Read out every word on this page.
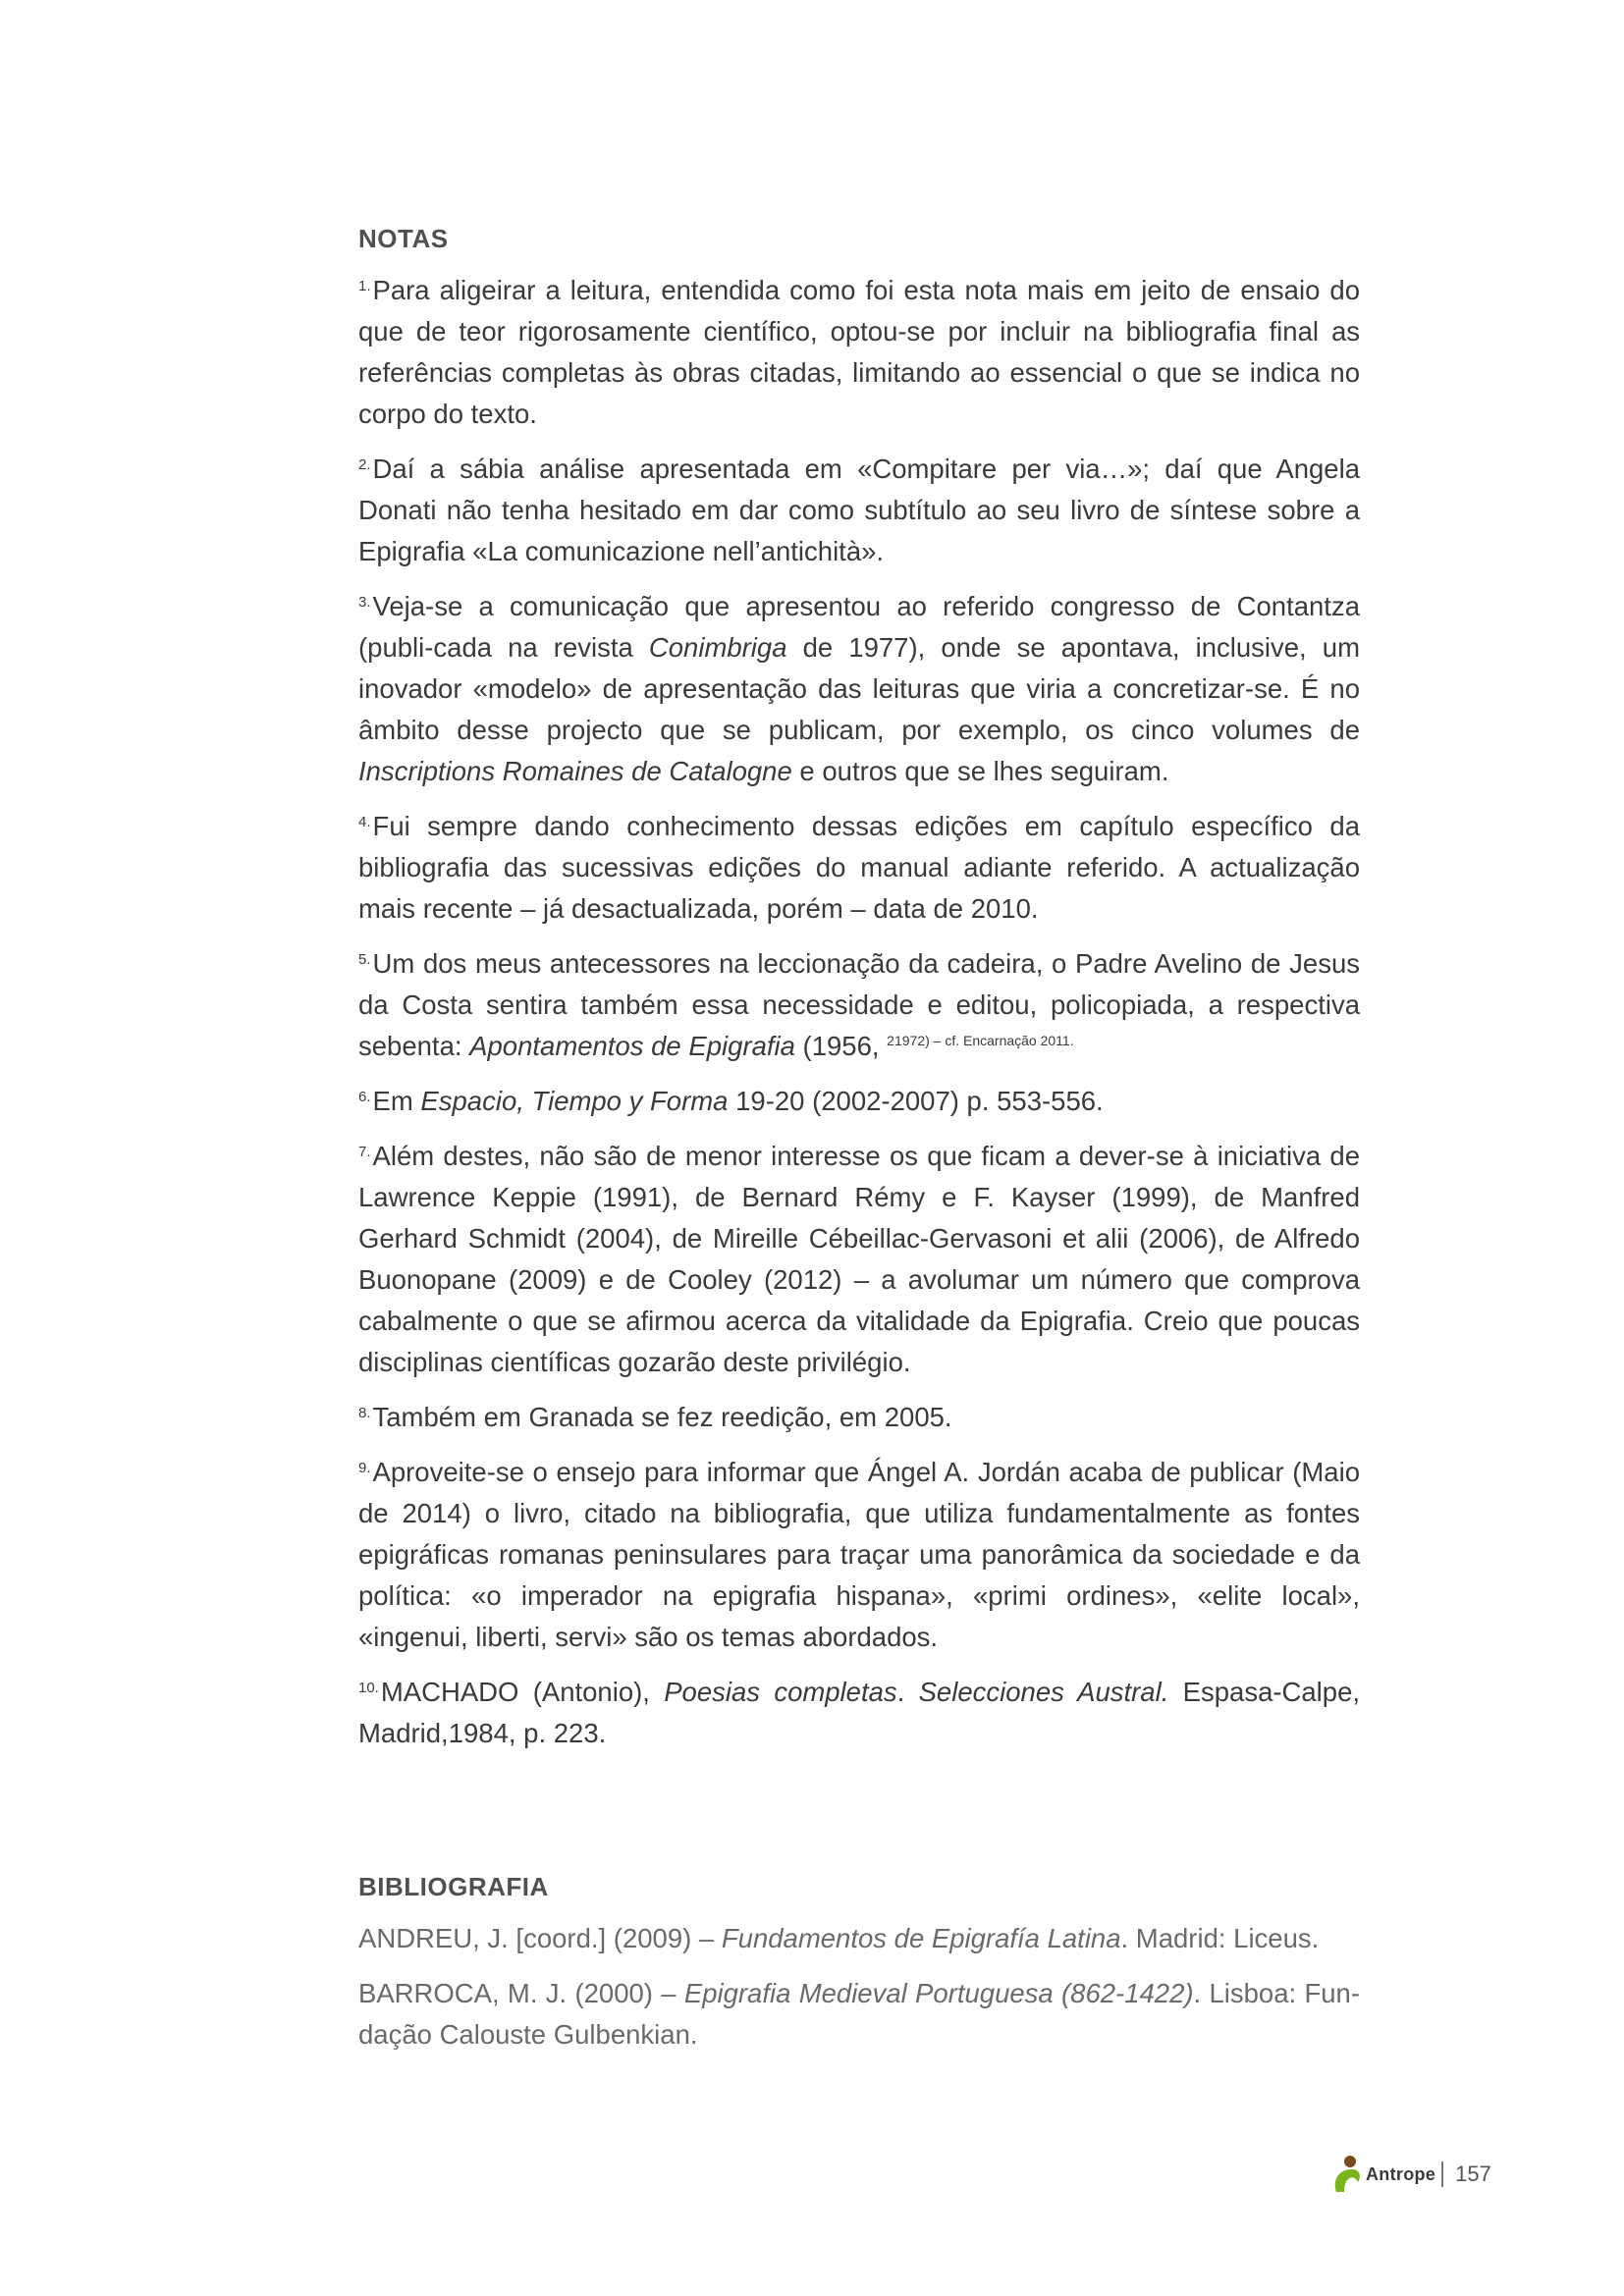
NOTAS

$^{1.}$Para aligeirar a leitura, entendida como foi esta nota mais em jeito de ensaio do que de teor rigorosamente científico, optou-se por incluir na bibliografia final as referências completas às obras citadas, limitando ao essencial o que se indica no corpo do texto.

$^{2.}$Daí a sábia análise apresentada em «Compitare per via…»; daí que Angela Donati não tenha hesitado em dar como subtítulo ao seu livro de síntese sobre a Epigrafia «La comunicazione nell’antichità».

$^{3.}$Veja-se a comunicação que apresentou ao referido congresso de Contantza (publi-cada na revista Conimbriga de 1977), onde se apontava, inclusive, um inovador «modelo» de apresentação das leituras que viria a concretizar-se. É no âmbito desse projecto que se publicam, por exemplo, os cinco volumes de Inscriptions Romaines de Catalogne e outros que se lhes seguiram.

$^{4.}$Fui sempre dando conhecimento dessas edições em capítulo específico da bibliografia das sucessivas edições do manual adiante referido. A actualização mais recente – já desactualizada, porém – data de 2010.

$^{5.}$Um dos meus antecessores na leccionação da cadeira, o Padre Avelino de Jesus da Costa sentira também essa necessidade e editou, policopiada, a respectiva sebenta: Apontamentos de Epigrafia (1956, $^{21972) - cf. Encarnação 2011.}$

$^{6.}$Em Espacio, Tiempo y Forma 19-20 (2002-2007) p. 553-556.

$^{7.}$Além destes, não são de menor interesse os que ficam a dever-se à iniciativa de Lawrence Keppie (1991), de Bernard Rémy e F. Kayser (1999), de Manfred Gerhard Schmidt (2004), de Mireille Cébeillac-Gervasoni et alii (2006), de Alfredo Buonopane (2009) e de Cooley (2012) – a avolumar um número que comprova cabalmente o que se afirmou acerca da vitalidade da Epigrafia. Creio que poucas disciplinas científicas gozarão deste privilégio.

$^{8.}$Também em Granada se fez reedição, em 2005.

$^{9.}$Aproveite-se o ensejo para informar que Ángel A. Jordán acaba de publicar (Maio de 2014) o livro, citado na bibliografia, que utiliza fundamentalmente as fontes epigráficas romanas peninsulares para traçar uma panorâmica da sociedade e da política: «o imperador na epigrafia hispana», «primi ordines», «elite local», «ingenui, liberti, servi» são os temas abordados.

$^{10.}$MACHADO (Antonio), Poesias completas. Selecciones Austral. Espasa-Calpe, Madrid,1984, p. 223.

BIBLIOGRAFIA

ANDREU, J. [coord.] (2009) – Fundamentos de Epigrafía Latina. Madrid: Liceus.

BARROCA, M. J. (2000) – Epigrafia Medieval Portuguesa (862-1422). Lisboa: Fun-dação Calouste Gulbenkian.

Antrope 157
